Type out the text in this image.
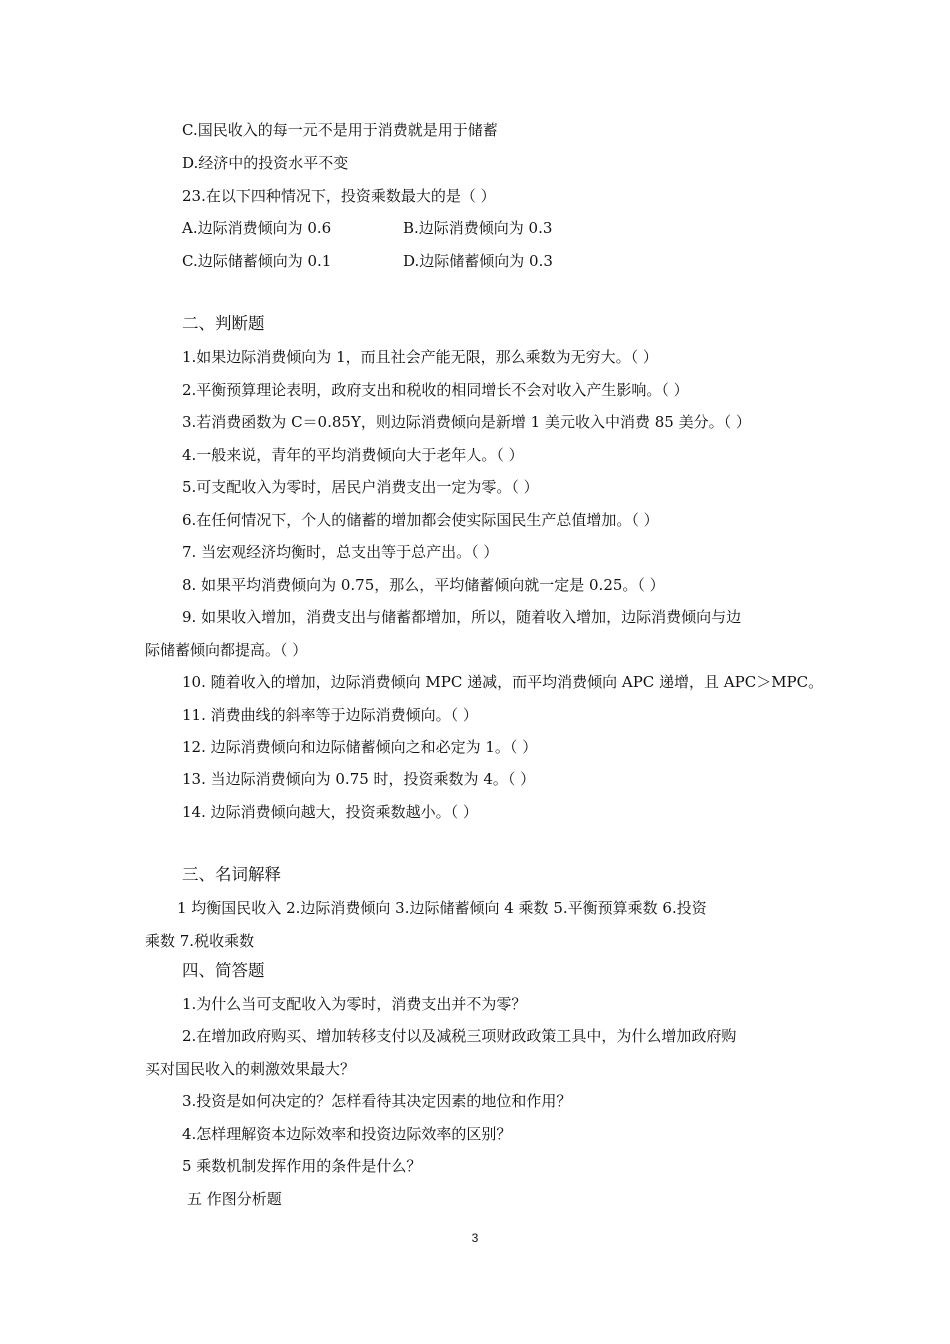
C.国民收入的每一元不是用于消费就是用于储蓄
D.经济中的投资水平不变
23.在以下四种情况下，投资乘数最大的是（ ）
A.边际消费倾向为 0.6	B.边际消费倾向为 0.3
C.边际储蓄倾向为 0.1	D.边际储蓄倾向为 0.3
二、判断题
1.如果边际消费倾向为 1，而且社会产能无限，那么乘数为无穷大。（ ）
2.平衡预算理论表明，政府支出和税收的相同增长不会对收入产生影响。（ ）
3.若消费函数为 C＝0.85Y，则边际消费倾向是新增 1 美元收入中消费 85 美分。（ ）
4.一般来说，青年的平均消费倾向大于老年人。（ ）
5.可支配收入为零时，居民户消费支出一定为零。（ ）
6.在任何情况下，个人的储蓄的增加都会使实际国民生产总值增加。（ ）
7. 当宏观经济均衡时，总支出等于总产出。（ ）
8. 如果平均消费倾向为 0.75，那么，平均储蓄倾向就一定是 0.25。（ ）
9. 如果收入增加，消费支出与储蓄都增加，所以，随着收入增加，边际消费倾向与边
际储蓄倾向都提高。（ ）
10. 随着收入的增加，边际消费倾向 MPC 递减，而平均消费倾向 APC 递增，且 APC＞MPC。
11. 消费曲线的斜率等于边际消费倾向。（ ）
12. 边际消费倾向和边际储蓄倾向之和必定为 1。（ ）
13. 当边际消费倾向为 0.75 时，投资乘数为 4。（ ）
14. 边际消费倾向越大，投资乘数越小。（ ）
三、名词解释
1 均衡国民收入 2.边际消费倾向 3.边际储蓄倾向 4 乘数 5.平衡预算乘数 6.投资
乘数 7.税收乘数
四、简答题
1.为什么当可支配收入为零时，消费支出并不为零？
2.在增加政府购买、增加转移支付以及减税三项财政政策工具中，为什么增加政府购
买对国民收入的刺激效果最大？
3.投资是如何决定的？怎样看待其决定因素的地位和作用？
4.怎样理解资本边际效率和投资边际效率的区别？
5 乘数机制发挥作用的条件是什么？
五 作图分析题
3
